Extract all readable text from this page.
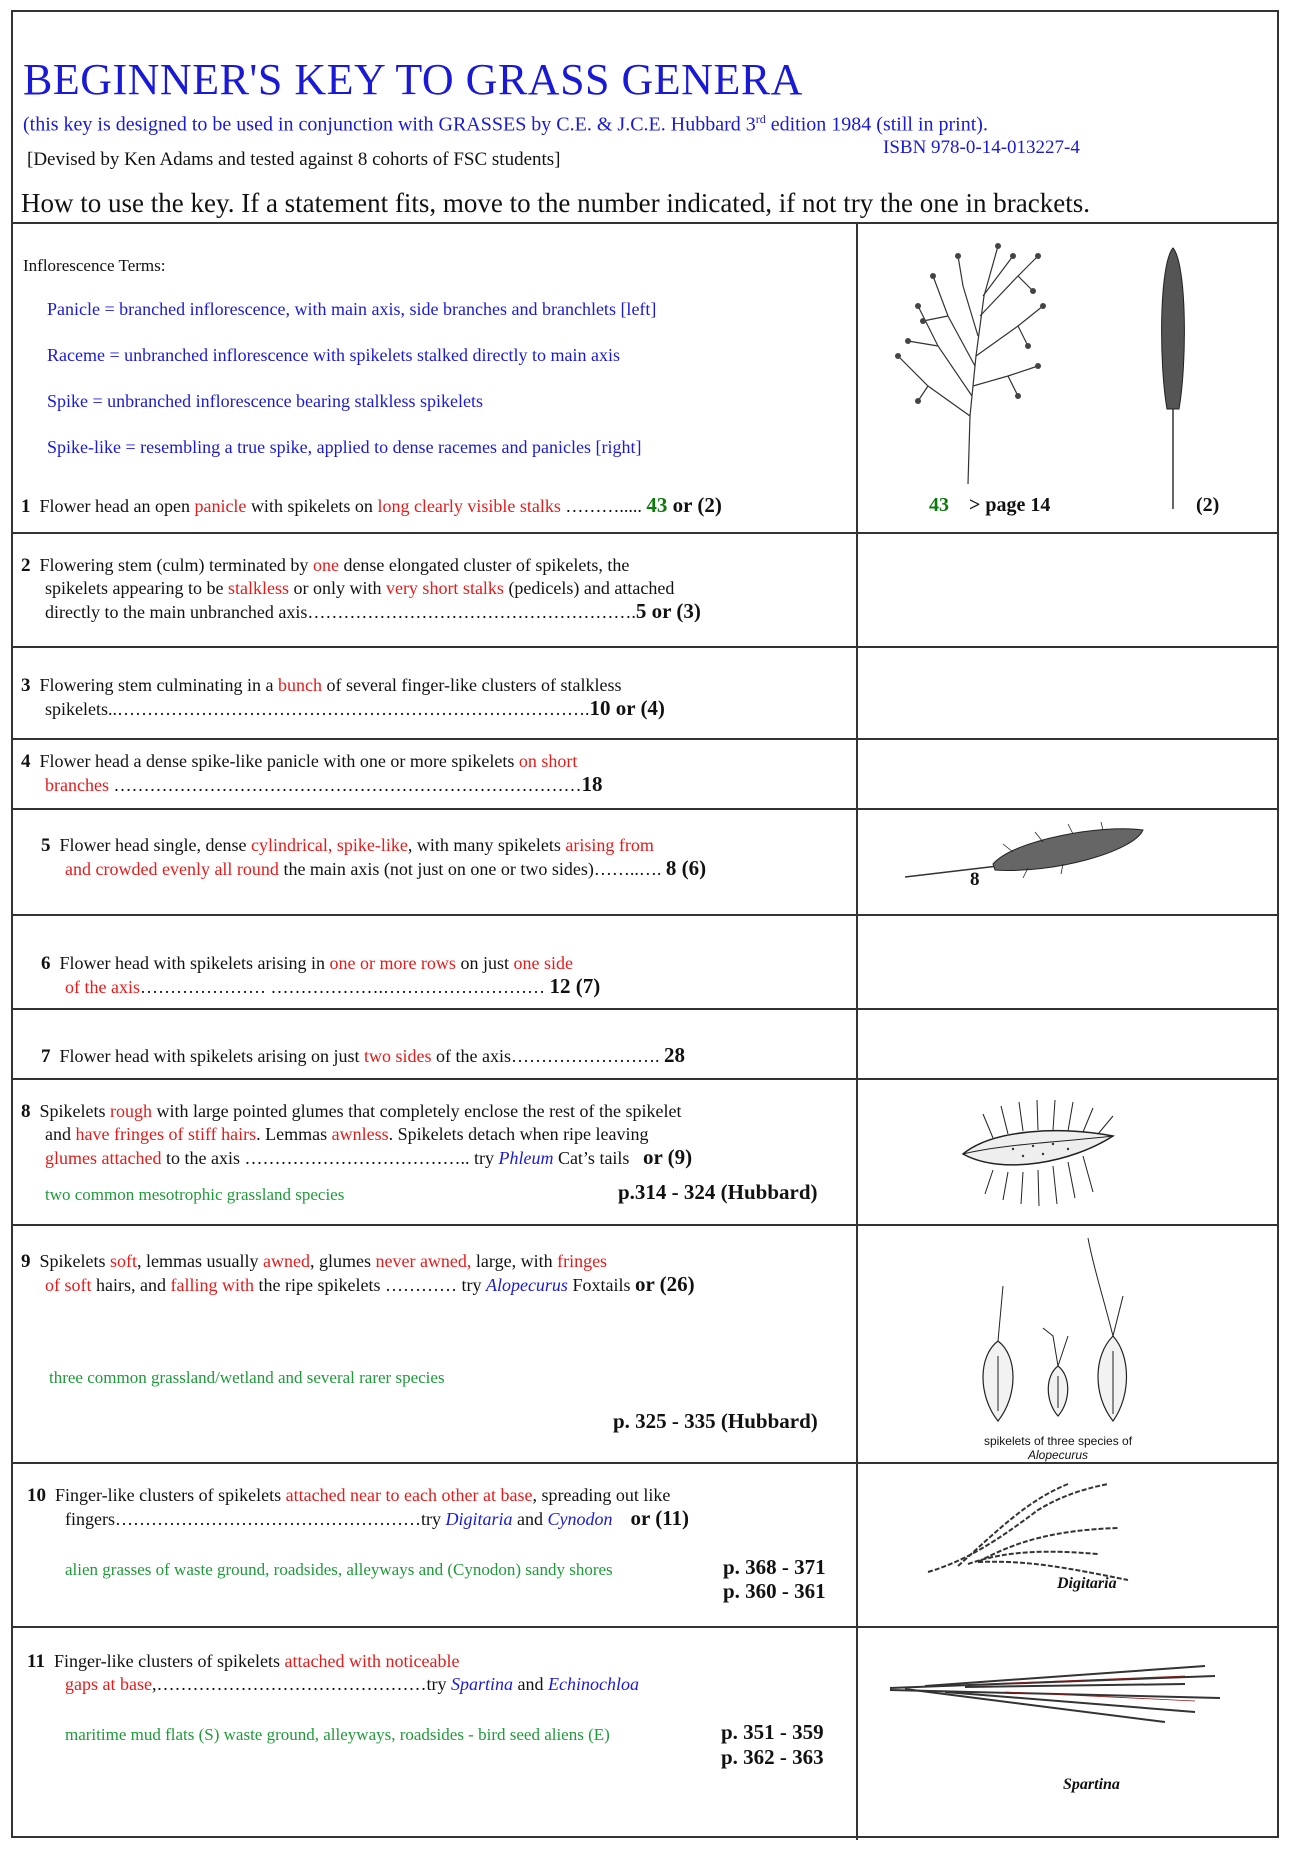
BEGINNER'S KEY TO GRASS GENERA
(this key is designed to be used in conjunction with GRASSES by C.E. & J.C.E. Hubbard 3rd edition 1984 (still in print).
ISBN 978-0-14-013227-4
[Devised by Ken Adams and tested against 8 cohorts of FSC students]
How to use the key. If a statement fits, move to the number indicated, if not try the one in brackets.
Inflorescence Terms:
Panicle = branched inflorescence, with main axis, side branches and branchlets [left]
Raceme = unbranched inflorescence with spikelets stalked directly to main axis
Spike = unbranched inflorescence bearing stalkless spikelets
Spike-like = resembling a true spike, applied to dense racemes and panicles [right]
1 Flower head an open panicle with spikelets on long clearly visible stalks ………..... 43 or (2)	43 > page 14	(2)
2 Flowering stem (culm) terminated by one dense elongated cluster of spikelets, the
spikelets appearing to be stalkless or only with very short stalks (pedicels) and attached
directly to the main unbranched axis……………………………………………….5 or (3)
3 Flowering stem culminating in a bunch of several finger-like clusters of stalkless
spikelets..…………………………………………………………………….10 or (4)
4 Flower head a dense spike-like panicle with one or more spikelets on short
branches ……………………………………………………………………18
5 Flower head single, dense cylindrical, spike-like, with many spikelets arising from
and crowded evenly all round the main axis (not just on one or two sides)……..…. 8 (6)	8
6 Flower head with spikelets arising in one or more rows on just one side
of the axis………………… ……………….……………………… 12 (7)
7 Flower head with spikelets arising on just two sides of the axis……………………. 28
8 Spikelets rough with large pointed glumes that completely enclose the rest of the spikelet
and have fringes of stiff hairs. Lemmas awnless. Spikelets detach when ripe leaving
glumes attached to the axis ……………………………….. try Phleum Cat’s tails   or (9)
two common mesotrophic grassland species	p.314 - 324 (Hubbard)
9 Spikelets soft, lemmas usually awned, glumes never awned, large, with fringes
of soft hairs, and falling with the ripe spikelets ………… try Alopecurus Foxtails or (26)
three common grassland/wetland and several rarer species
p. 325 - 335 (Hubbard)
spikelets of three species of
Alopecurus
10 Finger-like clusters of spikelets attached near to each other at base, spreading out like
fingers……………………………………………try Digitaria and Cynodon or (11)
alien grasses of waste ground, roadsides, alleyways and (Cynodon) sandy shores	p. 368 - 371
p. 360 - 361	Digitaria
11 Finger-like clusters of spikelets attached with noticeable
gaps at base,………………………………………try Spartina and Echinochloa
maritime mud flats (S) waste ground, alleyways, roadsides - bird seed aliens (E)	p. 351 - 359
p. 362 - 363
Spartina
